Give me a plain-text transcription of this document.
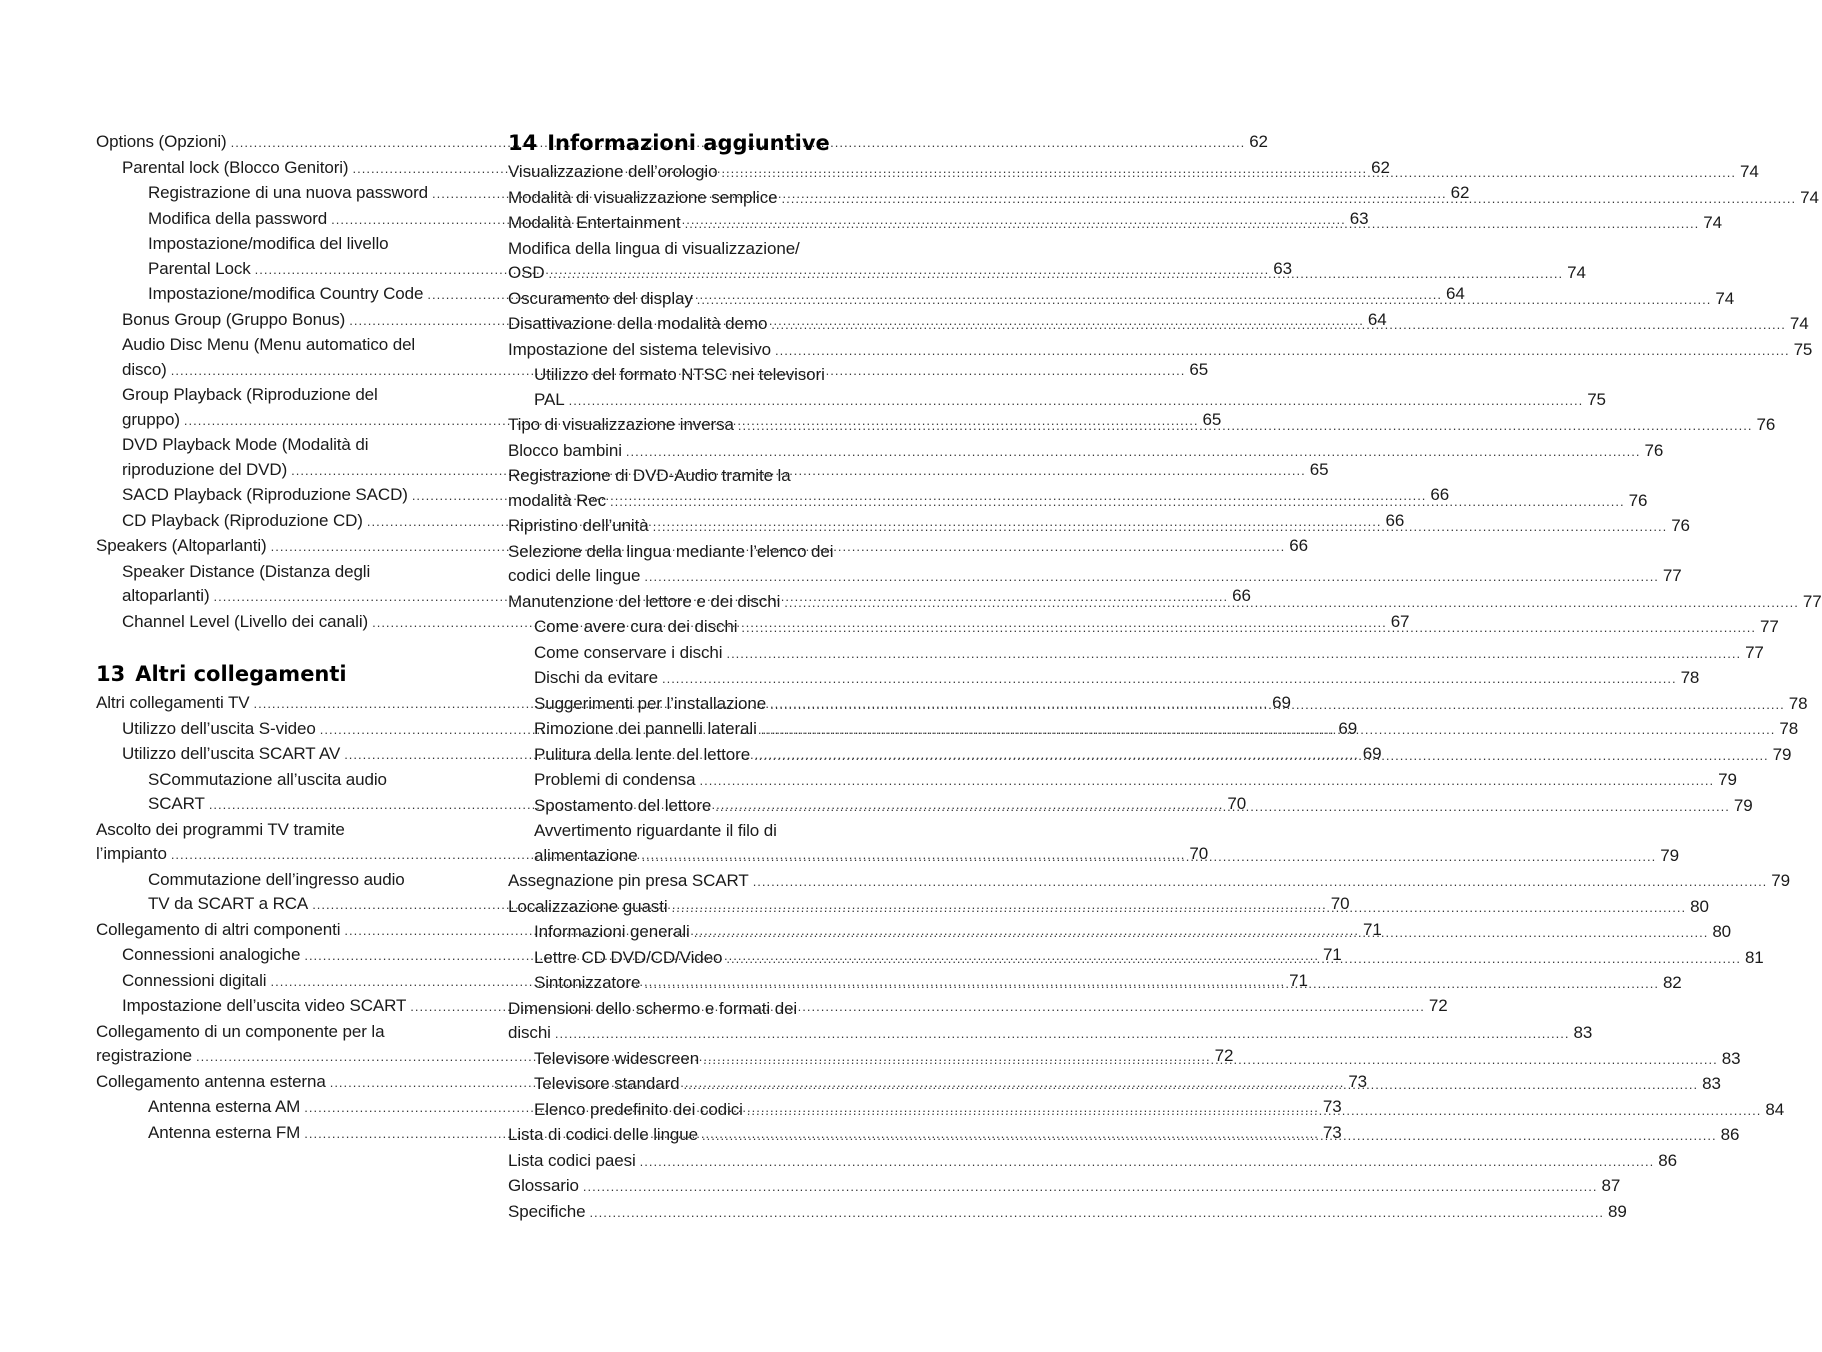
Options (Opzioni) .....	62
Parental lock (Blocco Genitori) .....	62
Registrazione di una nuova password .....	62
Modifica della password .....	63
Impostazione/modifica del livello
Parental Lock .....	63
Impostazione/modifica Country Code .....	64
Bonus Group (Gruppo Bonus) .....	64
Audio Disc Menu (Menu automatico del
disco) .....	65
Group Playback (Riproduzione del
gruppo) .....	65
DVD Playback Mode (Modalità di
riproduzione del DVD) .....	65
SACD Playback (Riproduzione SACD) .....	66
CD Playback (Riproduzione CD) .....	66
Speakers (Altoparlanti) .....	66
Speaker Distance (Distanza degli
altoparlanti) .....	66
Channel Level (Livello dei canali) .....	67
13 Altri collegamenti
Altri collegamenti TV .....	69
Utilizzo dell’uscita S-video .....	69
Utilizzo dell’uscita SCART AV .....	69
SCommutazione all’uscita audio
SCART .....	70
Ascolto dei programmi TV tramite
l’impianto .....	70
Commutazione dell’ingresso audio
TV da SCART a RCA .....	70
Collegamento di altri componenti .....	71
Connessioni analogiche .....	71
Connessioni digitali .....	71
Impostazione dell’uscita video SCART .....	72
Collegamento di un componente per la
registrazione .....	72
Collegamento antenna esterna .....	73
Antenna esterna AM .....	73
Antenna esterna FM .....	73
14 Informazioni aggiuntive
Visualizzazione dell’orologio .....	74
Modalità di visualizzazione semplice .....	74
Modalità Entertainment .....	74
Modifica della lingua di visualizzazione/
OSD .....	74
Oscuramento del display .....	74
Disattivazione della modalità demo .....	74
Impostazione del sistema televisivo .....	75
Utilizzo del formato NTSC nei televisori
PAL .....	75
Tipo di visualizzazione inversa .....	76
Blocco bambini .....	76
Registrazione di DVD-Audio tramite la
modalità Rec .....	76
Ripristino dell’unità .....	76
Selezione della lingua mediante l’elenco dei
codici delle lingue .....	77
Manutenzione del lettore e dei dischi .....	77
Come avere cura dei dischi .....	77
Come conservare i dischi .....	77
Dischi da evitare .....	78
Suggerimenti per l’installazione .....	78
Rimozione dei pannelli laterali .....	78
Pulitura della lente del lettore .....	79
Problemi di condensa .....	79
Spostamento del lettore .....	79
Avvertimento riguardante il filo di
alimentazione .....	79
Assegnazione pin presa SCART .....	79
Localizzazione guasti .....	80
Informazioni generali .....	80
Lettre CD DVD/CD/Video .....	81
Sintonizzatore .....	82
Dimensioni dello schermo e formati dei
dischi .....	83
Televisore widescreen .....	83
Televisore standard .....	83
Elenco predefinito dei codici .....	84
Lista di codici delle lingue .....	86
Lista codici paesi .....	86
Glossario .....	87
Specifiche .....	89
